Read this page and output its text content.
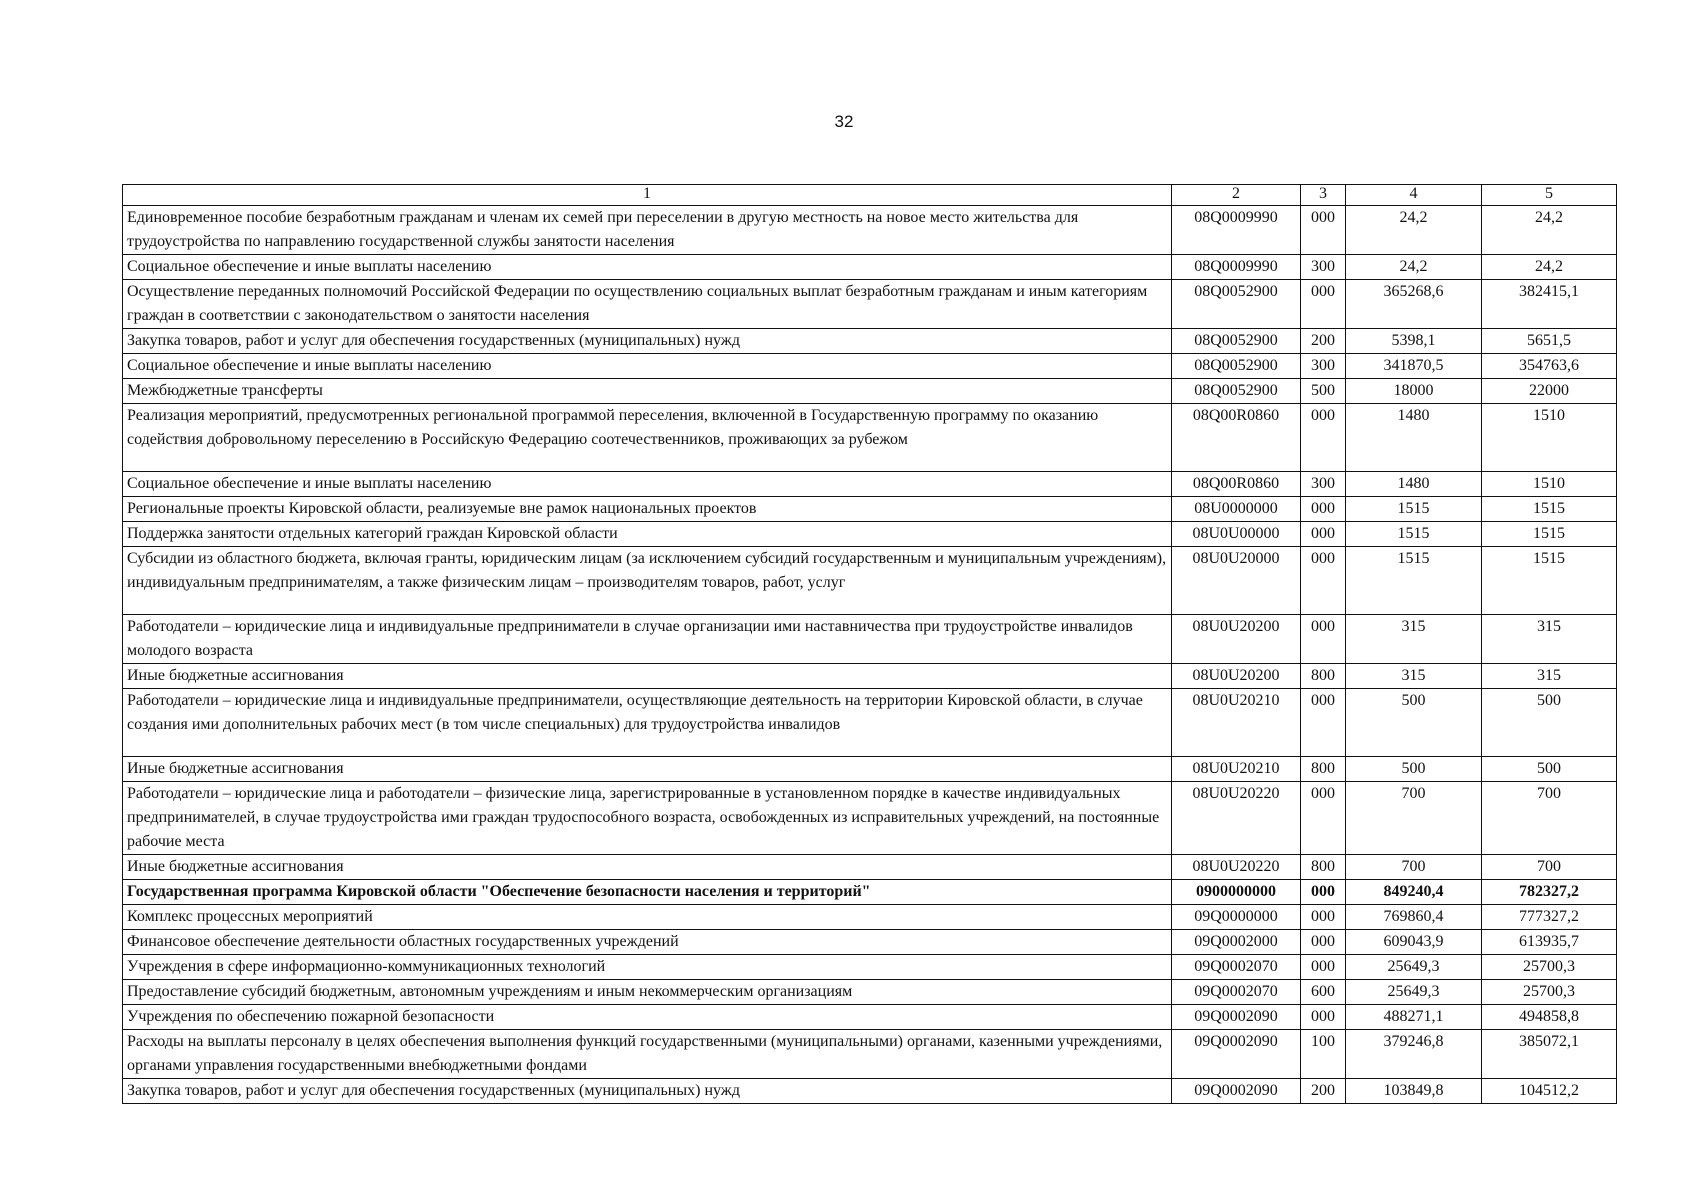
32
1	2	3	4	5
Единовременное пособие безработным гражданам и членам их семей при переселении в другую местность на новое место жительства для трудоустройства по направлению государственной службы занятости населения	08Q0009990	000	24,2	24,2
Социальное обеспечение и иные выплаты населению	08Q0009990	300	24,2	24,2
Осуществление переданных полномочий Российской Федерации по осуществлению социальных выплат безработным гражданам и иным категориям граждан в соответствии с законодательством о занятости населения	08Q0052900	000	365268,6	382415,1
Закупка товаров, работ и услуг для обеспечения государственных (муниципальных) нужд	08Q0052900	200	5398,1	5651,5
Социальное обеспечение и иные выплаты населению	08Q0052900	300	341870,5	354763,6
Межбюджетные трансферты	08Q0052900	500	18000	22000
Реализация мероприятий, предусмотренных региональной программой переселения, включенной в Государственную программу по оказанию содействия добровольному переселению в Российскую Федерацию соотечественников, проживающих за рубежом	08Q00R0860	000	1480	1510
Социальное обеспечение и иные выплаты населению	08Q00R0860	300	1480	1510
Региональные проекты Кировской области, реализуемые вне рамок национальных проектов	08U0000000	000	1515	1515
Поддержка занятости отдельных категорий граждан Кировской области	08U0U00000	000	1515	1515
Субсидии из областного бюджета, включая гранты, юридическим лицам (за исключением субсидий государственным и муниципальным учреждениям), индивидуальным предпринимателям, а также физическим лицам – производителям товаров, работ, услуг	08U0U20000	000	1515	1515
Работодатели – юридические лица и индивидуальные предприниматели в случае организации ими наставничества при трудоустройстве инвалидов молодого возраста	08U0U20200	000	315	315
Иные бюджетные ассигнования	08U0U20200	800	315	315
Работодатели – юридические лица и индивидуальные предприниматели, осуществляющие деятельность на территории Кировской области, в случае создания ими дополнительных рабочих мест (в том числе специальных) для трудоустройства инвалидов	08U0U20210	000	500	500
Иные бюджетные ассигнования	08U0U20210	800	500	500
Работодатели – юридические лица и работодатели – физические лица, зарегистрированные в установленном порядке в качестве индивидуальных предпринимателей, в случае трудоустройства ими граждан трудоспособного возраста, освобожденных из исправительных учреждений, на постоянные рабочие места	08U0U20220	000	700	700
Иные бюджетные ассигнования	08U0U20220	800	700	700
Государственная программа Кировской области "Обеспечение безопасности населения и территорий"	0900000000	000	849240,4	782327,2
Комплекс процессных мероприятий	09Q0000000	000	769860,4	777327,2
Финансовое обеспечение деятельности областных государственных учреждений	09Q0002000	000	609043,9	613935,7
Учреждения в сфере информационно-коммуникационных технологий	09Q0002070	000	25649,3	25700,3
Предоставление субсидий бюджетным, автономным учреждениям и иным некоммерческим организациям	09Q0002070	600	25649,3	25700,3
Учреждения по обеспечению пожарной безопасности	09Q0002090	000	488271,1	494858,8
Расходы на выплаты персоналу в целях обеспечения выполнения функций государственными (муниципальными) органами, казенными учреждениями, органами управления государственными внебюджетными фондами	09Q0002090	100	379246,8	385072,1
Закупка товаров, работ и услуг для обеспечения государственных (муниципальных) нужд	09Q0002090	200	103849,8	104512,2
